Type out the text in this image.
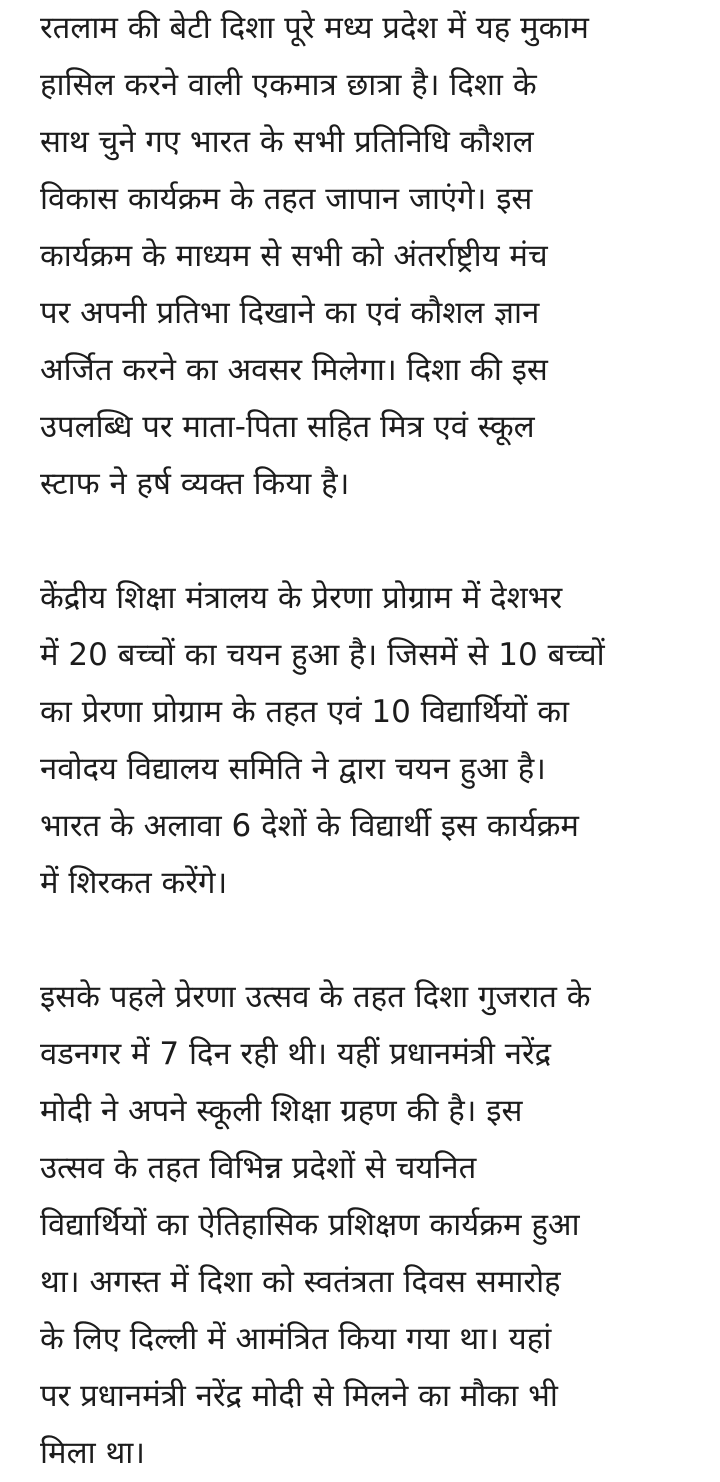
रतलाम की बेटी दिशा पूरे मध्य प्रदेश में यह मुकाम
हासिल करने वाली एकमात्र छात्रा है। दिशा के
साथ चुने गए भारत के सभी प्रतिनिधि कौशल
विकास कार्यक्रम के तहत जापान जाएंगे। इस
कार्यक्रम के माध्यम से सभी को अंतर्राष्ट्रीय मंच
पर अपनी प्रतिभा दिखाने का एवं कौशल ज्ञान
अर्जित करने का अवसर मिलेगा। दिशा की इस
उपलब्धि पर माता-पिता सहित मित्र एवं स्कूल
स्टाफ ने हर्ष व्यक्त किया है।

केंद्रीय शिक्षा मंत्रालय के प्रेरणा प्रोग्राम में देशभर
में 20 बच्चों का चयन हुआ है। जिसमें से 10 बच्चों
का प्रेरणा प्रोग्राम के तहत एवं 10 विद्यार्थियों का
नवोदय विद्यालय समिति ने द्वारा चयन हुआ है।
भारत के अलावा 6 देशों के विद्यार्थी इस कार्यक्रम
में शिरकत करेंगे।

इसके पहले प्रेरणा उत्सव के तहत दिशा गुजरात के
वडनगर में 7 दिन रही थी। यहीं प्रधानमंत्री नरेंद्र
मोदी ने अपने स्कूली शिक्षा ग्रहण की है। इस
उत्सव के तहत विभिन्न प्रदेशों से चयनित
विद्यार्थियों का ऐतिहासिक प्रशिक्षण कार्यक्रम हुआ
था। अगस्त में दिशा को स्वतंत्रता दिवस समारोह
के लिए दिल्ली में आमंत्रित किया गया था। यहां
पर प्रधानमंत्री नरेंद्र मोदी से मिलने का मौका भी
मिला था।
